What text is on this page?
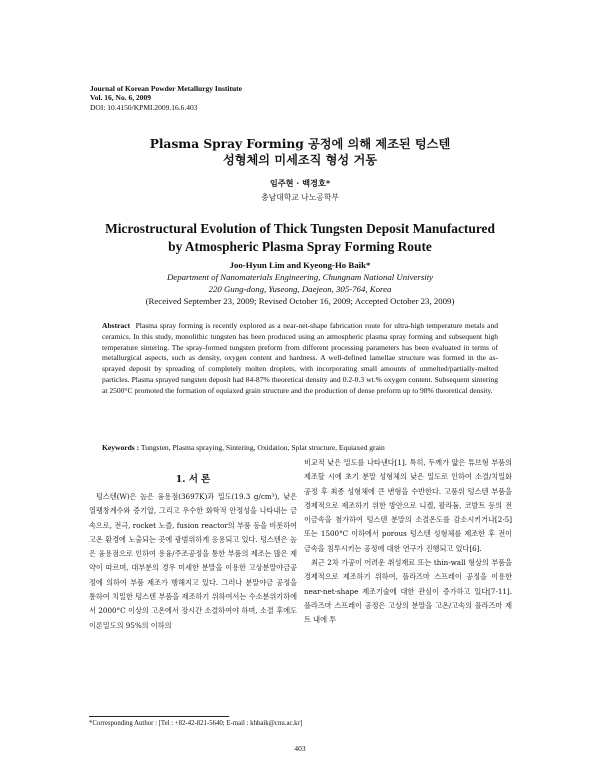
Journal of Korean Powder Metallurgy Institute
Vol. 16, No. 6, 2009
DOI: 10.4150/KPMI.2009.16.6.403
Plasma Spray Forming 공정에 의해 제조된 텅스텐
성형체의 미세조직 형성 거동
임주현 · 백경호*
충남대학교 나노공학부
Microstructural Evolution of Thick Tungsten Deposit Manufactured
by Atmospheric Plasma Spray Forming Route
Joo-Hyun Lim and Kyeong-Ho Baik*
Department of Nanomaterials Engineering, Chungnam National University
220 Gung-dong, Yuseong, Daejeon, 305-764, Korea
(Received September 23, 2009; Revised October 16, 2009; Accepted October 23, 2009)
Abstract Plasma spray forming is recently explored as a near-net-shape fabrication route for ultra-high temperature metals and ceramics. In this study, monolithic tungsten has been produced using an atmospheric plasma spray forming and subsequent high temperature sintering. The spray-formed tungsten preform from different processing parameters has been evaluated in terms of metallurgical aspects, such as density, oxygen content and hardness. A well-defined lamellae structure was formed in the as-sprayed deposit by spreading of completely molten droplets, with incorporating small amounts of unmelted/partially-melted particles. Plasma sprayed tungsten deposit had 84-87% theoretical density and 0.2-0.3 wt.% oxygen content. Subsequent sintering at 2500°C promoted the formation of equiaxed grain structure and the production of dense preform up to 98% theoretical density.
Keywords : Tungsten, Plasma spraying, Sintering, Oxidation, Splat structure, Equiaxed grain
1. 서 론

텅스텐(W)은 높은 융용점(3697K)과 밀도(19.3 g/cm³), 낮은 열팽창계수와 증기압, 그리고 우수한 화학적 안정성을 나타내는 금속으로, 전극, rocket 노즐, fusion reactor의 부품 등을 비롯하여 고온 환경에 노출되는 곳에 광범위하게 응용되고 있다. 텅스텐은 높은 융용점으로 인하여 용융/주조공정을 통한 부품의 제조는 많은 제약이 따르며, 대부분의 경우 미세한 분말을 이용한 고상분말야금공정에 의하여 부품 제조가 행해지고 있다. 그러나 분말야금 공정을 통하여 치밀한 텅스텐 부품을 제조하기 위하여서는 수소분위기하에서 2000°C 이상의 고온에서 장시간 소결하여야 하며, 소결 후에도 이론밀도의 95%의 이하의

비교적 낮은 밀도를 나타낸다[1]. 특히, 두께가 얇은 튜브형 부품의 제조할 시에 초기 분말 성형체의 낮은 밀도로 인하여 소결/치밀화 공정 후 최종 성형체에 큰 변형을 수반한다. 고품위 텅스텐 부품을 경제적으로 제조하기 위한 방안으로 니켈, 팔라듐, 코발트 등의 전이금속을 첨가하여 텅스텐 분말의 소결온도를 감소시키거나[2-5] 또는 1500°C 이하에서 porous 텅스텐 성형체를 제조한 후 전이금속을 침투시키는 공정에 대한 연구가 진행되고 있다[6].

최근 2차 가공이 어려운 취성재료 또는 thin-wall 형상의 부품을 경제적으로 제조하기 위하여, 플라즈마 스프레이 공정을 이용한 near-net-shape 제조기술에 대한 관심이 증가하고 있다[7-11]. 플라즈마 스프레이 공정은 고상의 분말을 고온/고속의 플라즈마 제트 내에 투

*Corresponding Author : [Tel : +82-42-821-5640; E-mail : khbaik@cnu.ac.kr]
403
